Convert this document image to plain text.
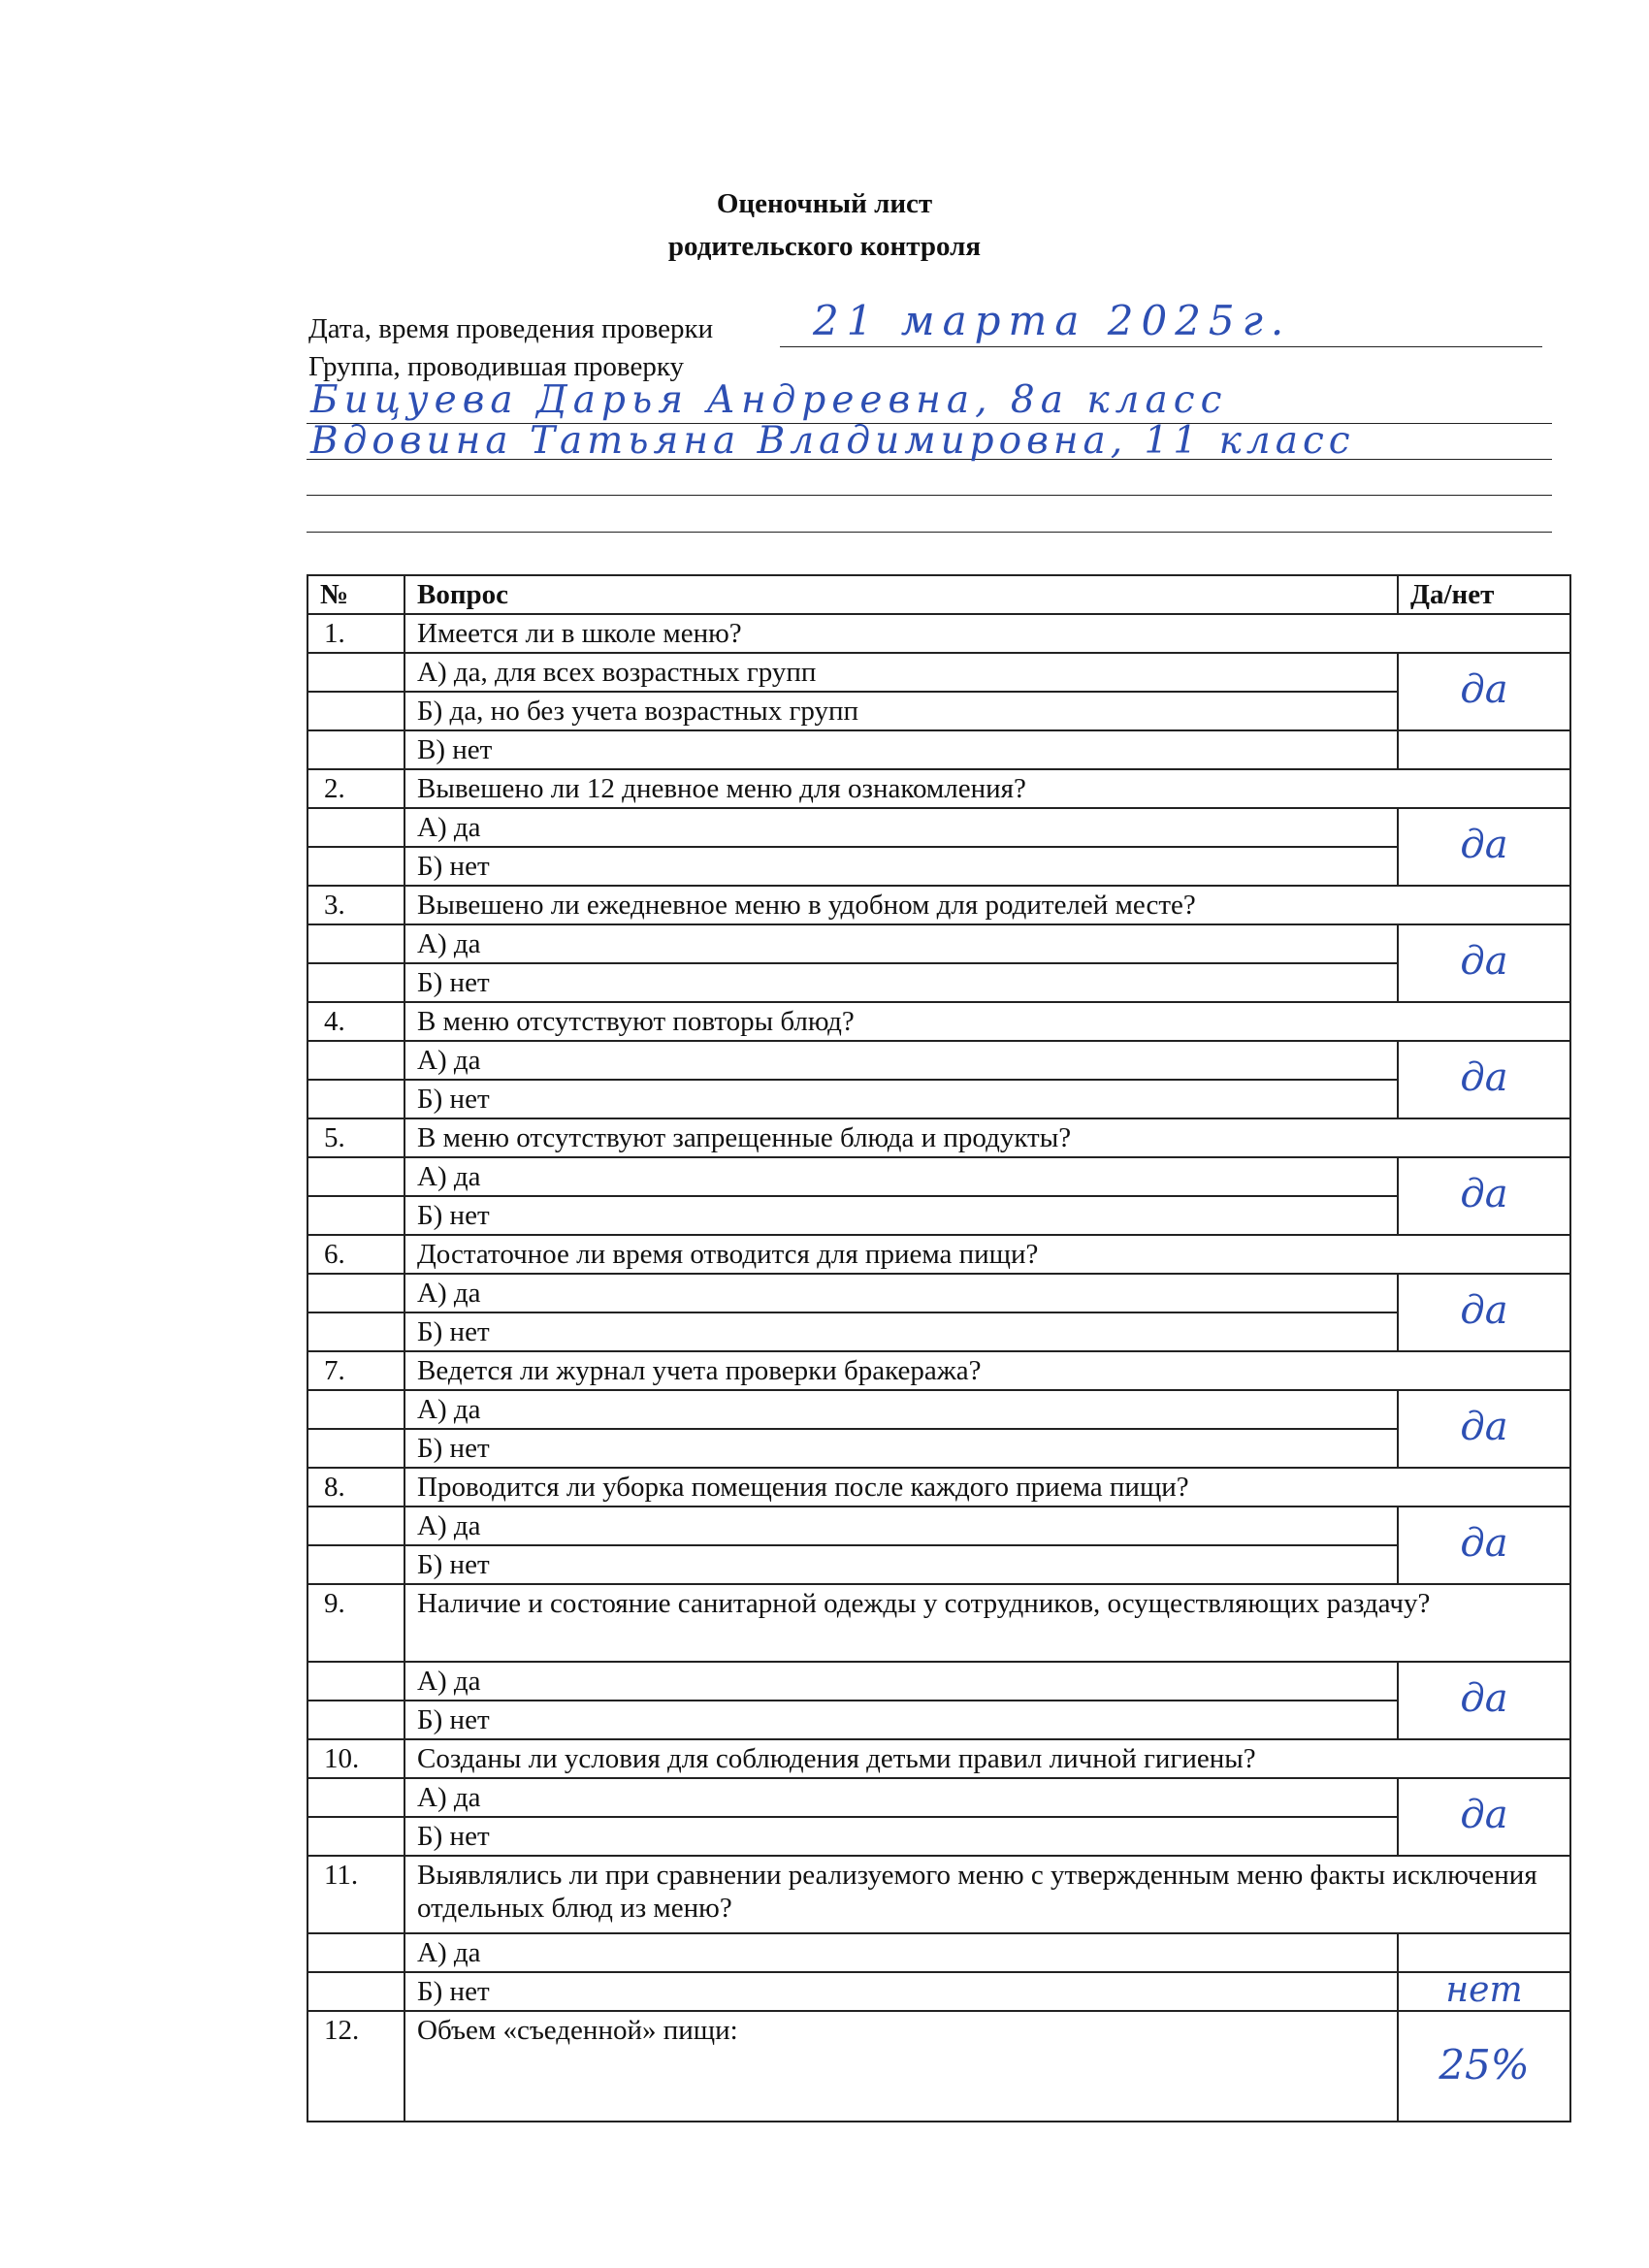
Оценочный лист
родительского контроля
Дата, время проведения проверки 21 марта 2025г.
Группа, проводившая проверку
Бицуева Дарья Андреевна, 8а класс
Вдовина Татьяна Владимировна, 11 класс
№	Вопрос	Да/нет
1.	Имеется ли в школе меню?	
	А) да, для всех возрастных групп	да
	Б) да, но без учета возрастных групп	
	В) нет	
2.	Вывешено ли 12 дневное меню для ознакомления?	
	А) да	да
	Б) нет	
3.	Вывешено ли ежедневное меню в удобном для родителей месте?	
	А) да	да
	Б) нет	
4.	В меню отсутствуют повторы блюд?	
	А) да	да
	Б) нет	
5.	В меню отсутствуют запрещенные блюда и продукты?	
	А) да	да
	Б) нет	
6.	Достаточное ли время отводится для приема пищи?	
	А) да	да
	Б) нет	
7.	Ведется ли журнал учета проверки бракеража?	
	А) да	да
	Б) нет	
8.	Проводится ли уборка помещения после каждого приема пищи?	
	А) да	да
	Б) нет	
9.	Наличие и состояние санитарной одежды у сотрудников, осуществляющих раздачу?	
	А) да	да
	Б) нет	
10.	Созданы ли условия для соблюдения детьми правил личной гигиены?	
	А) да	да
	Б) нет	
11.	Выявлялись ли при сравнении реализуемого меню с утвержденным меню факты исключения отдельных блюд из меню?	
	А) да	
	Б) нет	нет
12.	Объем «съеденной» пищи:	25%
